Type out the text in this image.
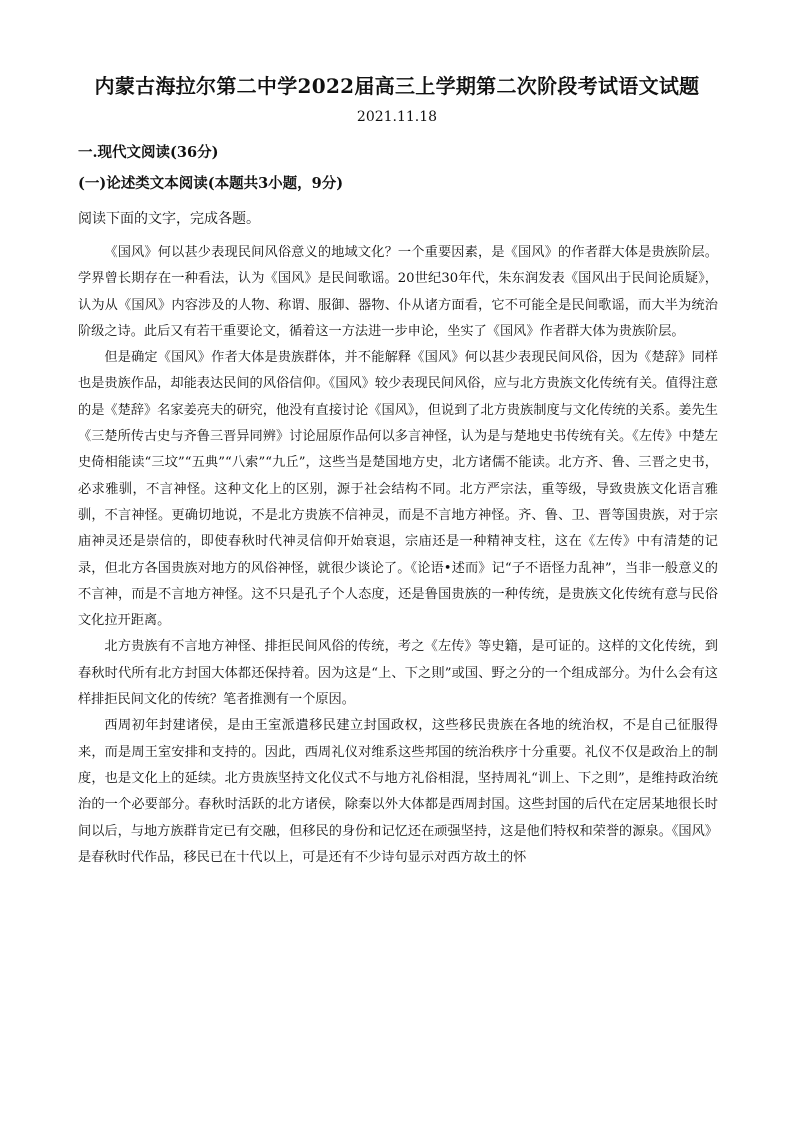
内蒙古海拉尔第二中学2022届高三上学期第二次阶段考试语文试题
2021.11.18
一.现代文阅读(36分)
(一)论述类文本阅读(本题共3小题，9分)
阅读下面的文字，完成各题。

《国风》何以甚少表现民间风俗意义的地域文化？一个重要因素，是《国风》的作者群大体是贵族阶层。学界曾长期存在一种看法，认为《国风》是民间歌谣。20世纪30年代，朱东润发表《国风出于民间论质疑》，认为从《国风》内容涉及的人物、称谓、服御、器物、仆从诸方面看，它不可能全是民间歌谣，而大半为统治阶级之诗。此后又有若干重要论文，循着这一方法进一步申论，坐实了《国风》作者群大体为贵族阶层。

但是确定《国风》作者大体是贵族群体，并不能解释《国风》何以甚少表现民间风俗，因为《楚辞》同样也是贵族作品，却能表达民间的风俗信仰。《国风》较少表现民间风俗，应与北方贵族文化传统有关。值得注意的是《楚辞》名家姜亮夫的研究，他没有直接讨论《国风》，但说到了北方贵族制度与文化传统的关系。姜先生《三楚所传古史与齐鲁三晋异同辨》讨论屈原作品何以多言神怪，认为是与楚地史书传统有关。《左传》中楚左史倚相能读“三坟”“五典”“八索”“九丘”，这些当是楚国地方史，北方诸儒不能读。北方齐、鲁、三晋之史书，必求雅驯，不言神怪。这种文化上的区别，源于社会结构不同。北方严宗法，重等级，导致贵族文化语言雅驯，不言神怪。更确切地说，不是北方贵族不信神灵，而是不言地方神怪。齐、鲁、卫、晋等国贵族，对于宗庙神灵还是崇信的，即使春秋时代神灵信仰开始衰退，宗庙还是一种精神支柱，这在《左传》中有清楚的记录，但北方各国贵族对地方的风俗神怪，就很少谈论了。《论语•述而》记“子不语怪力乱神”，当非一般意义的不言神，而是不言地方神怪。这不只是孔子个人态度，还是鲁国贵族的一种传统，是贵族文化传统有意与民俗文化拉开距离。

北方贵族有不言地方神怪、排拒民间风俗的传统，考之《左传》等史籍，是可证的。这样的文化传统，到春秋时代所有北方封国大体都还保持着。因为这是“上、下之則”或国、野之分的一个组成部分。为什么会有这样排拒民间文化的传统？笔者推测有一个原因。

西周初年封建诸侯，是由王室派遣移民建立封国政权，这些移民贵族在各地的统治权，不是自己征服得来，而是周王室安排和支持的。因此，西周礼仪对维系这些邦国的统治秩序十分重要。礼仪不仅是政治上的制度，也是文化上的延续。北方贵族坚持文化仪式不与地方礼俗相混，坚持周礼“训上、下之則”，是维持政治统治的一个必要部分。春秋时活跃的北方诸侯，除秦以外大体都是西周封国。这些封国的后代在定居某地很长时间以后，与地方族群肯定已有交融，但移民的身份和记忆还在顽强坚持，这是他们特权和荣誉的源泉。《国风》是春秋时代作品，移民已在十代以上，可是还有不少诗句显示对西方故土的怀
